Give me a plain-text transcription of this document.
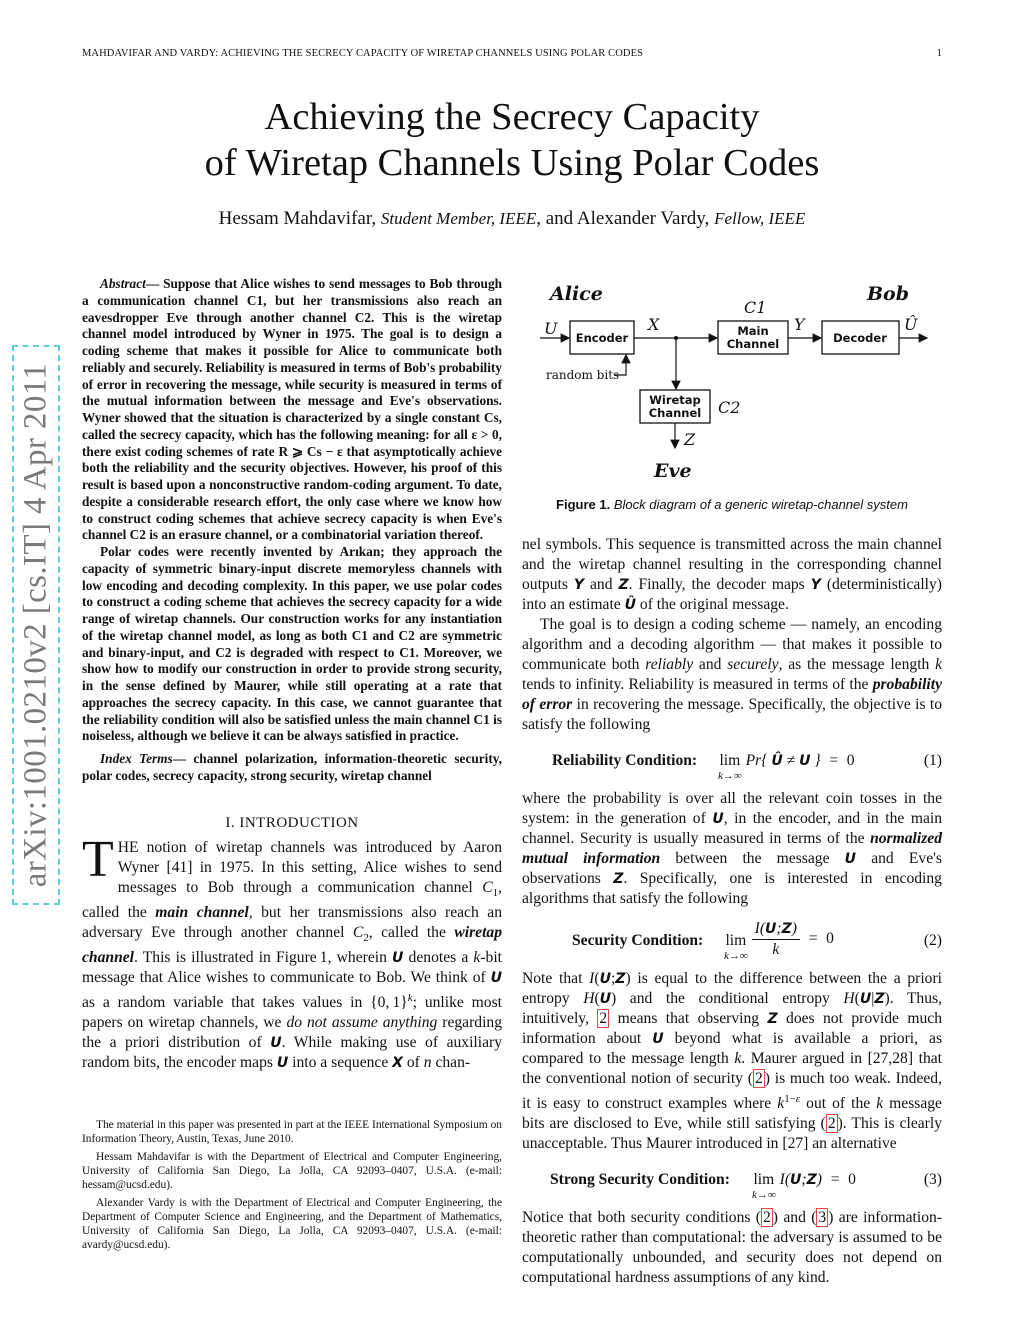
MAHDAVIFAR AND VARDY: ACHIEVING THE SECRECY CAPACITY OF WIRETAP CHANNELS USING POLAR CODES	1
Achieving the Secrecy Capacity
of Wiretap Channels Using Polar Codes
Hessam Mahdavifar, Student Member, IEEE, and Alexander Vardy, Fellow, IEEE
arXiv:1001.0210v2 [cs.IT] 4 Apr 2011

Abstract— Suppose that Alice wishes to send messages to Bob through a communication channel C1, but her transmissions also reach an eavesdropper Eve through another channel C2. This is the wiretap channel model introduced by Wyner in 1975. The goal is to design a coding scheme that makes it possible for Alice to communicate both reliably and securely. Reliability is measured in terms of Bob's probability of error in recovering the message, while security is measured in terms of the mutual information between the message and Eve's observations. Wyner showed that the situation is characterized by a single constant Cs, called the secrecy capacity, which has the following meaning: for all ε > 0, there exist coding schemes of rate R ⩾ Cs − ε that asymptotically achieve both the reliability and the security objectives. However, his proof of this result is based upon a nonconstructive random-coding argument. To date, despite a considerable research effort, the only case where we know how to construct coding schemes that achieve secrecy capacity is when Eve's channel C2 is an erasure channel, or a combinatorial variation thereof.

Polar codes were recently invented by Arıkan; they approach the capacity of symmetric binary-input discrete memoryless channels with low encoding and decoding complexity. In this paper, we use polar codes to construct a coding scheme that achieves the secrecy capacity for a wide range of wiretap channels. Our construction works for any instantiation of the wiretap channel model, as long as both C1 and C2 are symmetric and binary-input, and C2 is degraded with respect to C1. Moreover, we show how to modify our construction in order to provide strong security, in the sense defined by Maurer, while still operating at a rate that approaches the secrecy capacity. In this case, we cannot guarantee that the reliability condition will also be satisfied unless the main channel C1 is noiseless, although we believe it can be always satisfied in practice.

Index Terms— channel polarization, information-theoretic security, polar codes, secrecy capacity, strong security, wiretap channel

I. INTRODUCTION

THE notion of wiretap channels was introduced by Aaron Wyner [41] in 1975. In this setting, Alice wishes to send messages to Bob through a communication channel $C_1$, called the main channel, but her transmissions also reach an adversary Eve through another channel $C_2$, called the wiretap channel. This is illustrated in Figure 1, wherein U denotes a k-bit message that Alice wishes to communicate to Bob. We think of U as a random variable that takes values in {0, 1}$^k$; unlike most papers on wiretap channels, we do not assume anything regarding the a priori distribution of U. While making use of auxiliary random bits, the encoder maps U into a sequence X of n chan-

The material in this paper was presented in part at the IEEE International Symposium on Information Theory, Austin, Texas, June 2010.

Hessam Mahdavifar is with the Department of Electrical and Computer Engineering, University of California San Diego, La Jolla, CA 92093–0407, U.S.A. (e-mail: hessam@ucsd.edu).

Alexander Vardy is with the Department of Electrical and Computer Engineering, the Department of Computer Science and Engineering, and the Department of Mathematics, University of California San Diego, La Jolla, CA 92093–0407, U.S.A. (e-mail: avardy@ucsd.edu).

Alice	Bob
Eve
U Encoder
X
C1
Main
Channel
Y
Decoder
Û
random bits
Wiretap
Channel C2
Z
Figure 1. Block diagram of a generic wiretap-channel system

nel symbols. This sequence is transmitted across the main channel and the wiretap channel resulting in the corresponding channel outputs Y and Z. Finally, the decoder maps Y (deterministically) into an estimate Û of the original message.

The goal is to design a coding scheme — namely, an encoding algorithm and a decoding algorithm — that makes it possible to communicate both reliably and securely, as the message length k tends to infinity. Reliability is measured in terms of the probability of error in recovering the message. Specifically, the objective is to satisfy the following

Reliability Condition: lim
k→∞
Pr{ Û ≠ U }  =  0	(1)

where the probability is over all the relevant coin tosses in the system: in the generation of U, in the encoder, and in the main channel. Security is usually measured in terms of the normalized mutual information between the message U and Eve's observations Z. Specifically, one is interested in encoding algorithms that satisfy the following

Security Condition: lim
k→∞
$\frac{I(U;Z)}{k} = 0$	(2)

Note that I(U;Z) is equal to the difference between the a priori entropy H(U) and the conditional entropy H(U|Z). Thus, intuitively, 2 means that observing Z does not provide much information about U beyond what is available a priori, as compared to the message length k. Maurer argued in [27,28] that the conventional notion of security ( 2 ) is much too weak. Indeed, it is easy to construct examples where $k^{1-\varepsilon}$ out of the k message bits are disclosed to Eve, while still satisfying ( 2 ). This is clearly unacceptable. Thus Maurer introduced in [27] an alternative

Strong Security Condition: lim
k→∞
I(U;Z)  =  0	(3)

Notice that both security conditions ( 2 ) and ( 3 ) are information-theoretic rather than computational: the adversary is assumed to be computationally unbounded, and security does not depend on computational hardness assumptions of any kind.
